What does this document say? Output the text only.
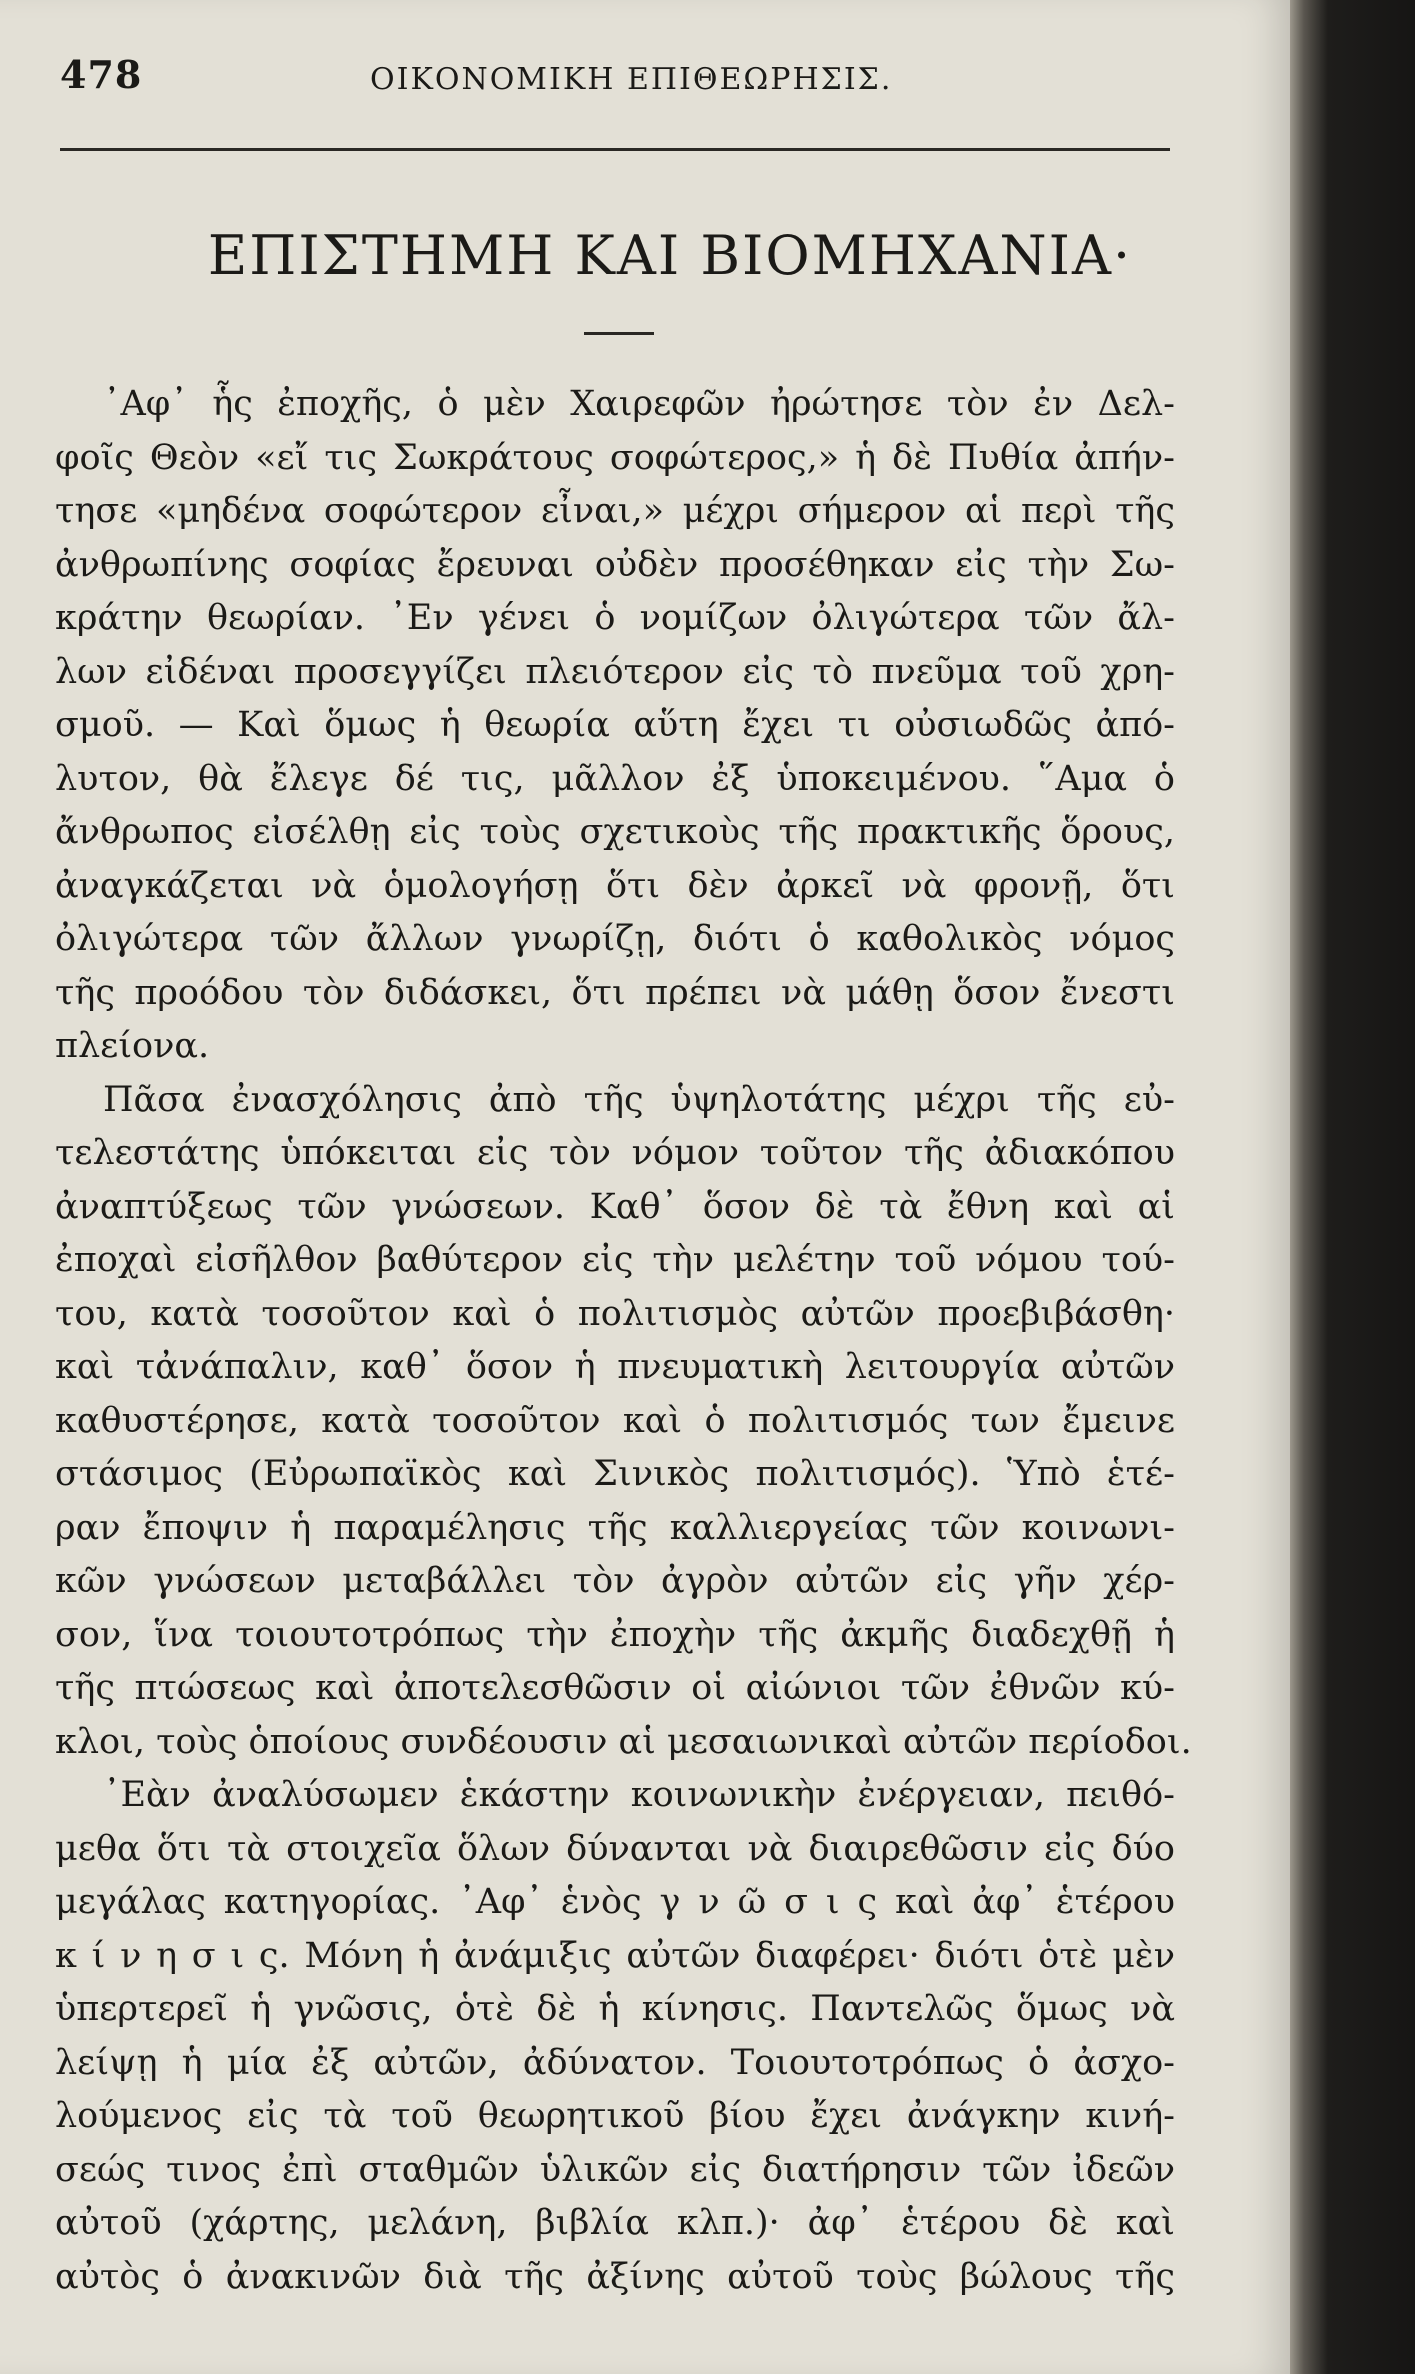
478	ΟΙΚΟΝΟΜΙΚΗ ΕΠΙΘΕΩΡΗΣΙΣ.
ΕΠΙΣΤΗΜΗ ΚΑΙ ΒΙΟΜΗΧΑΝΙΑ·
᾿Αφ᾿ ἧς ἐποχῆς, ὁ μὲν Χαιρεφῶν ἠρώτησε τὸν ἐν Δελ-
φοῖς Θεὸν «εἴ τις Σωκράτους σοφώτερος,» ἡ δὲ Πυθία ἀπήν-
τησε «μηδένα σοφώτερον εἶναι,» μέχρι σήμερον αἱ περὶ τῆς
ἀνθρωπίνης σοφίας ἔρευναι οὐδὲν προσέθηκαν εἰς τὴν Σω-
κράτην θεωρίαν. ᾿Εν γένει ὁ νομίζων ὀλιγώτερα τῶν ἄλ-
λων εἰδέναι προσεγγίζει πλειότερον εἰς τὸ πνεῦμα τοῦ χρη-
σμοῦ. — Καὶ ὅμως ἡ θεωρία αὕτη ἔχει τι οὐσιωδῶς ἀπό-
λυτον, θὰ ἔλεγε δέ τις, μᾶλλον ἐξ ὑποκειμένου. ῞Αμα ὁ
ἄνθρωπος εἰσέλθῃ εἰς τοὺς σχετικοὺς τῆς πρακτικῆς ὅρους,
ἀναγκάζεται νὰ ὁμολογήσῃ ὅτι δὲν ἀρκεῖ νὰ φρονῇ, ὅτι
ὀλιγώτερα τῶν ἄλλων γνωρίζῃ, διότι ὁ καθολικὸς νόμος
τῆς προόδου τὸν διδάσκει, ὅτι πρέπει νὰ μάθῃ ὅσον ἔνεστι
πλείονα.
Πᾶσα ἐνασχόλησις ἀπὸ τῆς ὑψηλοτάτης μέχρι τῆς εὐ-
τελεστάτης ὑπόκειται εἰς τὸν νόμον τοῦτον τῆς ἀδιακόπου
ἀναπτύξεως τῶν γνώσεων. Καθ᾿ ὅσον δὲ τὰ ἔθνη καὶ αἱ
ἐποχαὶ εἰσῆλθον βαθύτερον εἰς τὴν μελέτην τοῦ νόμου τού-
του, κατὰ τοσοῦτον καὶ ὁ πολιτισμὸς αὐτῶν προεβιβάσθη·
καὶ τἀνάπαλιν, καθ᾿ ὅσον ἡ πνευματικὴ λειτουργία αὐτῶν
καθυστέρησε, κατὰ τοσοῦτον καὶ ὁ πολιτισμός των ἔμεινε
στάσιμος (Εὐρωπαϊκὸς καὶ Σινικὸς πολιτισμός). Ὑπὸ ἑτέ-
ραν ἔποψιν ἡ παραμέλησις τῆς καλλιεργείας τῶν κοινωνι-
κῶν γνώσεων μεταβάλλει τὸν ἀγρὸν αὐτῶν εἰς γῆν χέρ-
σον, ἵνα τοιουτοτρόπως τὴν ἐποχὴν τῆς ἀκμῆς διαδεχθῇ ἡ
τῆς πτώσεως καὶ ἀποτελεσθῶσιν οἱ αἰώνιοι τῶν ἐθνῶν κύ-
κλοι, τοὺς ὁποίους συνδέουσιν αἱ μεσαιωνικαὶ αὐτῶν περίοδοι.
᾿Εὰν ἀναλύσωμεν ἑκάστην κοινωνικὴν ἐνέργειαν, πειθό-
μεθα ὅτι τὰ στοιχεῖα ὅλων δύνανται νὰ διαιρεθῶσιν εἰς δύο
μεγάλας κατηγορίας. ᾿Αφ᾿ ἑνὸς γ ν ῶ σ ι ς καὶ ἀφ᾿ ἑτέρου
κ ί ν η σ ι ς. Μόνη ἡ ἀνάμιξις αὐτῶν διαφέρει· διότι ὁτὲ μὲν
ὑπερτερεῖ ἡ γνῶσις, ὁτὲ δὲ ἡ κίνησις. Παντελῶς ὅμως νὰ
λείψῃ ἡ μία ἐξ αὐτῶν, ἀδύνατον. Τοιουτοτρόπως ὁ ἀσχο-
λούμενος εἰς τὰ τοῦ θεωρητικοῦ βίου ἔχει ἀνάγκην κινή-
σεώς τινος ἐπὶ σταθμῶν ὑλικῶν εἰς διατήρησιν τῶν ἰδεῶν
αὐτοῦ (χάρτης, μελάνη, βιβλία κλπ.)· ἀφ᾿ ἑτέρου δὲ καὶ
αὐτὸς ὁ ἀνακινῶν διὰ τῆς ἀξίνης αὐτοῦ τοὺς βώλους τῆς
